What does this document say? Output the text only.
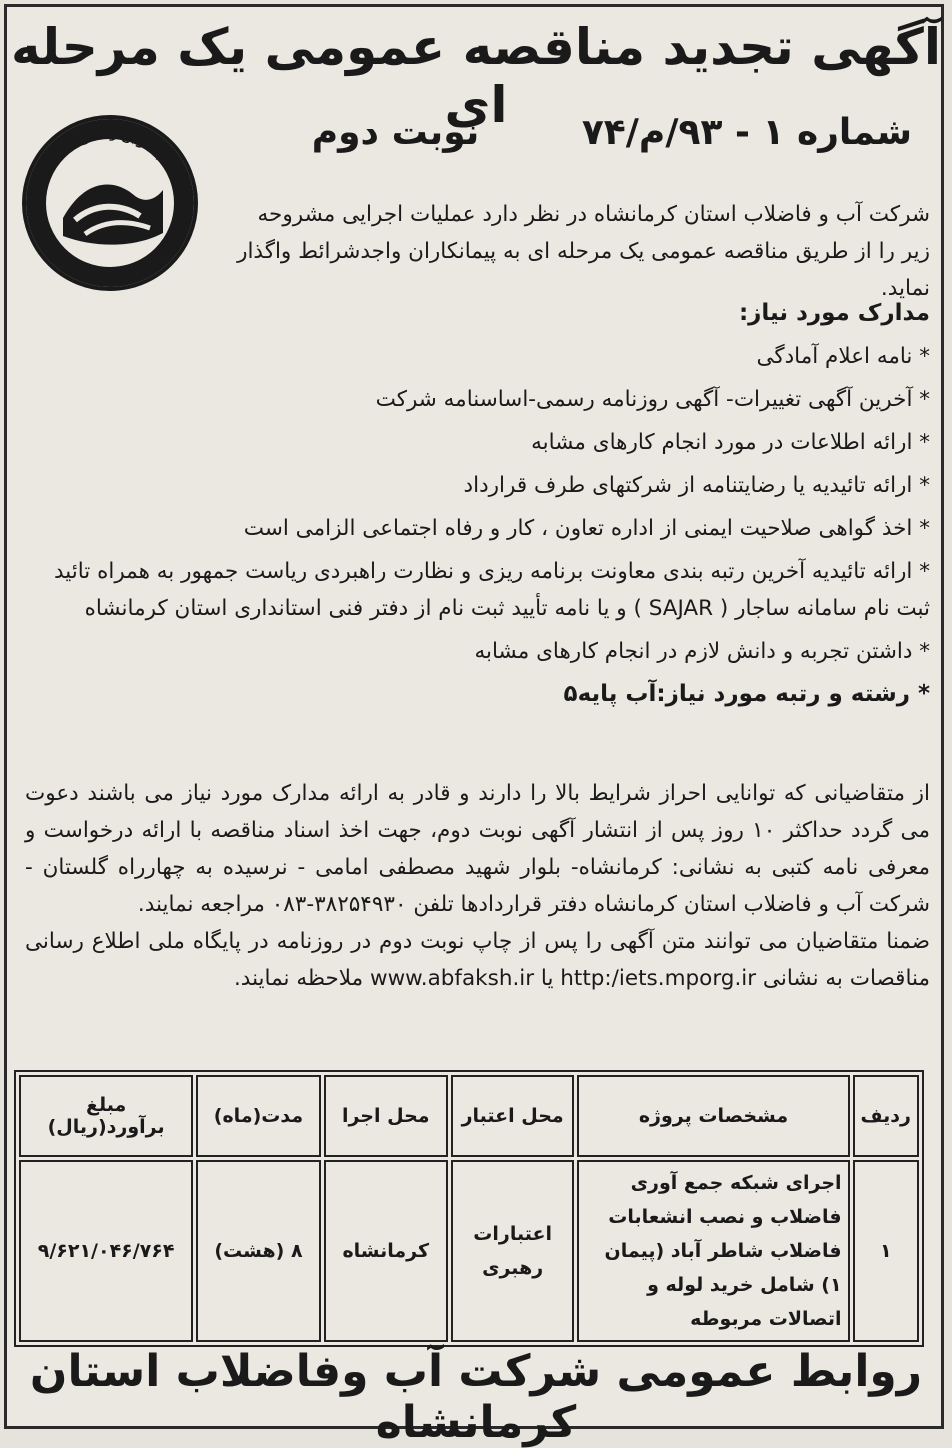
آگهی تجدید مناقصه عمومی یک مرحله ای	شماره ۱ - ۹۳/م/۷۴ نوبت دوم
آب مرجع زندگی است
شرکت آب و فاضلاب استان کرمانشاه در نظر دارد عملیات اجرایی مشروحه زیر را از طریق مناقصه عمومی یک مرحله ای به پیمانکاران واجدشرائط واگذار نماید.

مدارک مورد نیاز:

* نامه اعلام آمادگی

* آخرین آگهی تغییرات- آگهی روزنامه رسمی-اساسنامه شرکت

* ارائه اطلاعات در مورد انجام کارهای مشابه

* ارائه تائیدیه یا رضایتنامه از شرکتهای طرف قرارداد

* اخذ گواهی صلاحیت ایمنی از اداره تعاون ، کار و رفاه اجتماعی الزامی است

* ارائه تائیدیه آخرین رتبه بندی معاونت برنامه ریزی و نظارت راهبردی ریاست جمهور به همراه تائید ثبت نام سامانه ساجار ( SAJAR ) و یا نامه تأیید ثبت نام از دفتر فنی استانداری استان کرمانشاه

* داشتن تجربه و دانش لازم در انجام کارهای مشابه

* رشته و رتبه مورد نیاز:آب پایه۵

از متقاضیانی که توانایی احراز شرایط بالا را دارند و قادر به ارائه مدارک مورد نیاز می باشند دعوت می گردد حداکثر ۱۰ روز پس از انتشار آگهی نوبت دوم، جهت اخذ اسناد مناقصه با ارائه درخواست و معرفی نامه کتبی به نشانی: کرمانشاه- بلوار شهید مصطفی امامی - نرسیده به چهارراه گلستان - شرکت آب و فاضلاب استان کرمانشاه دفتر قراردادها تلفن ۳۸۲۵۴۹۳۰-۰۸۳ مراجعه نمایند.

ضمنا متقاضیان می توانند متن آگهی را پس از چاپ نوبت دوم در روزنامه در پایگاه ملی اطلاع رسانی مناقصات به نشانی http:/iets.mporg.ir یا www.abfaksh.ir ملاحظه نمایند.

ردیف	مشخصات پروژه	محل اعتبار	محل اجرا	مدت(ماه)	مبلغ برآورد(ریال)
۱	اجرای شبکه جمع آوری فاضلاب و نصب انشعابات فاضلاب شاطر آباد (پیمان ۱) شامل خرید لوله و اتصالات مربوطه	اعتبارات رهبری	کرمانشاه	۸ (هشت)	۹/۶۲۱/۰۴۶/۷۶۴
روابط عمومی شرکت آب وفاضلاب استان کرمانشاه
